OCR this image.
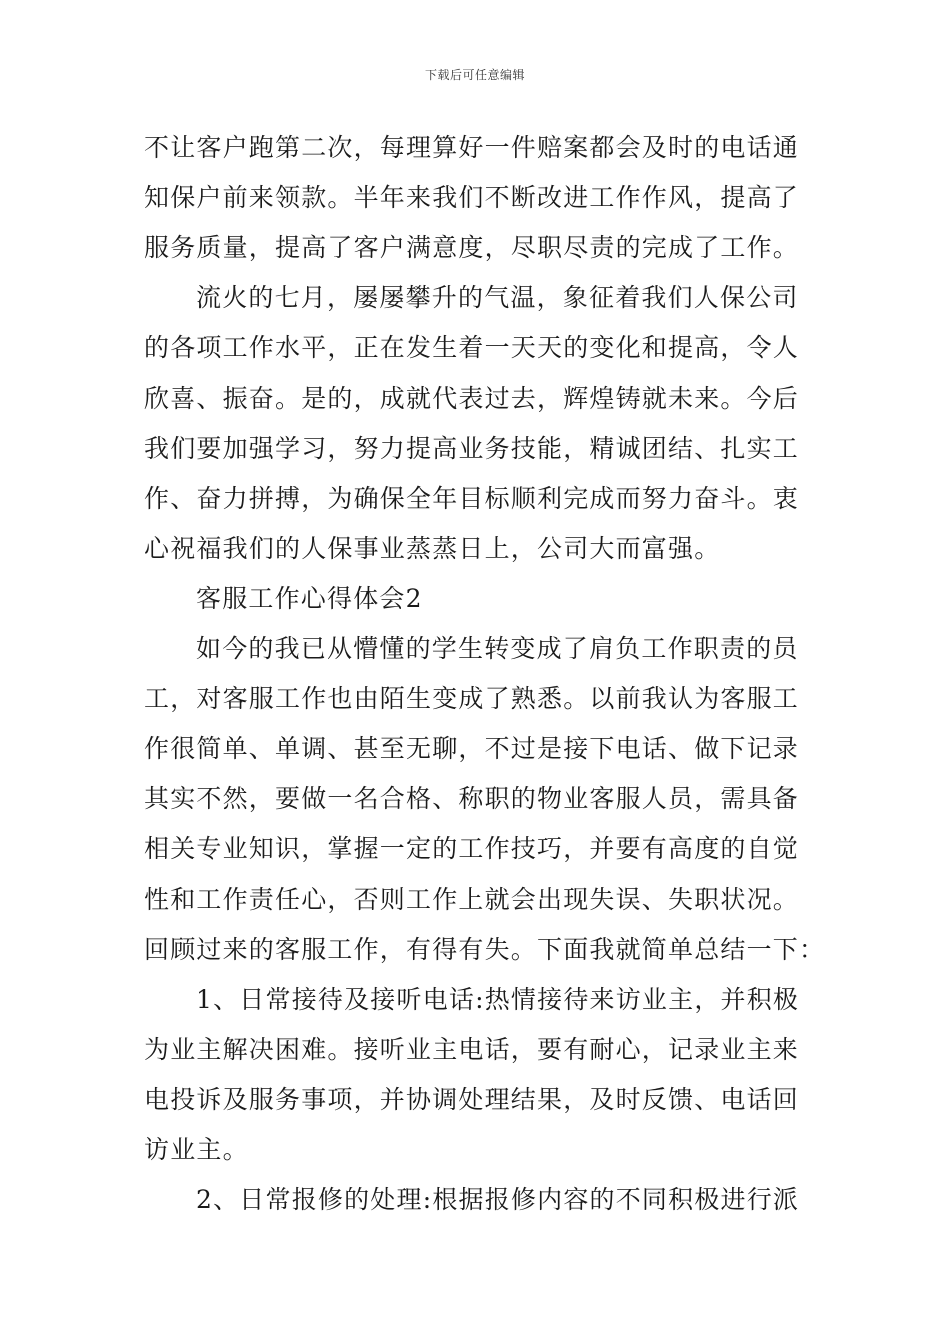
下载后可任意编辑
不让客户跑第二次，每理算好一件赔案都会及时的电话通
知保户前来领款。半年来我们不断改进工作作风，提高了
服务质量，提高了客户满意度，尽职尽责的完成了工作。
流火的七月，屡屡攀升的气温，象征着我们人保公司
的各项工作水平，正在发生着一天天的变化和提高，令人
欣喜、振奋。是的，成就代表过去，辉煌铸就未来。今后
我们要加强学习，努力提高业务技能，精诚团结、扎实工
作、奋力拼搏，为确保全年目标顺利完成而努力奋斗。衷
心祝福我们的人保事业蒸蒸日上，公司大而富强。
客服工作心得体会2
如今的我已从懵懂的学生转变成了肩负工作职责的员
工，对客服工作也由陌生变成了熟悉。以前我认为客服工
作很简单、单调、甚至无聊，不过是接下电话、做下记录
其实不然，要做一名合格、称职的物业客服人员，需具备
相关专业知识，掌握一定的工作技巧，并要有高度的自觉
性和工作责任心，否则工作上就会出现失误、失职状况。
回顾过来的客服工作，有得有失。下面我就简单总结一下：
1、日常接待及接听电话:热情接待来访业主，并积极
为业主解决困难。接听业主电话，要有耐心，记录业主来
电投诉及服务事项，并协调处理结果，及时反馈、电话回
访业主。
2、日常报修的处理:根据报修内容的不同积极进行派
